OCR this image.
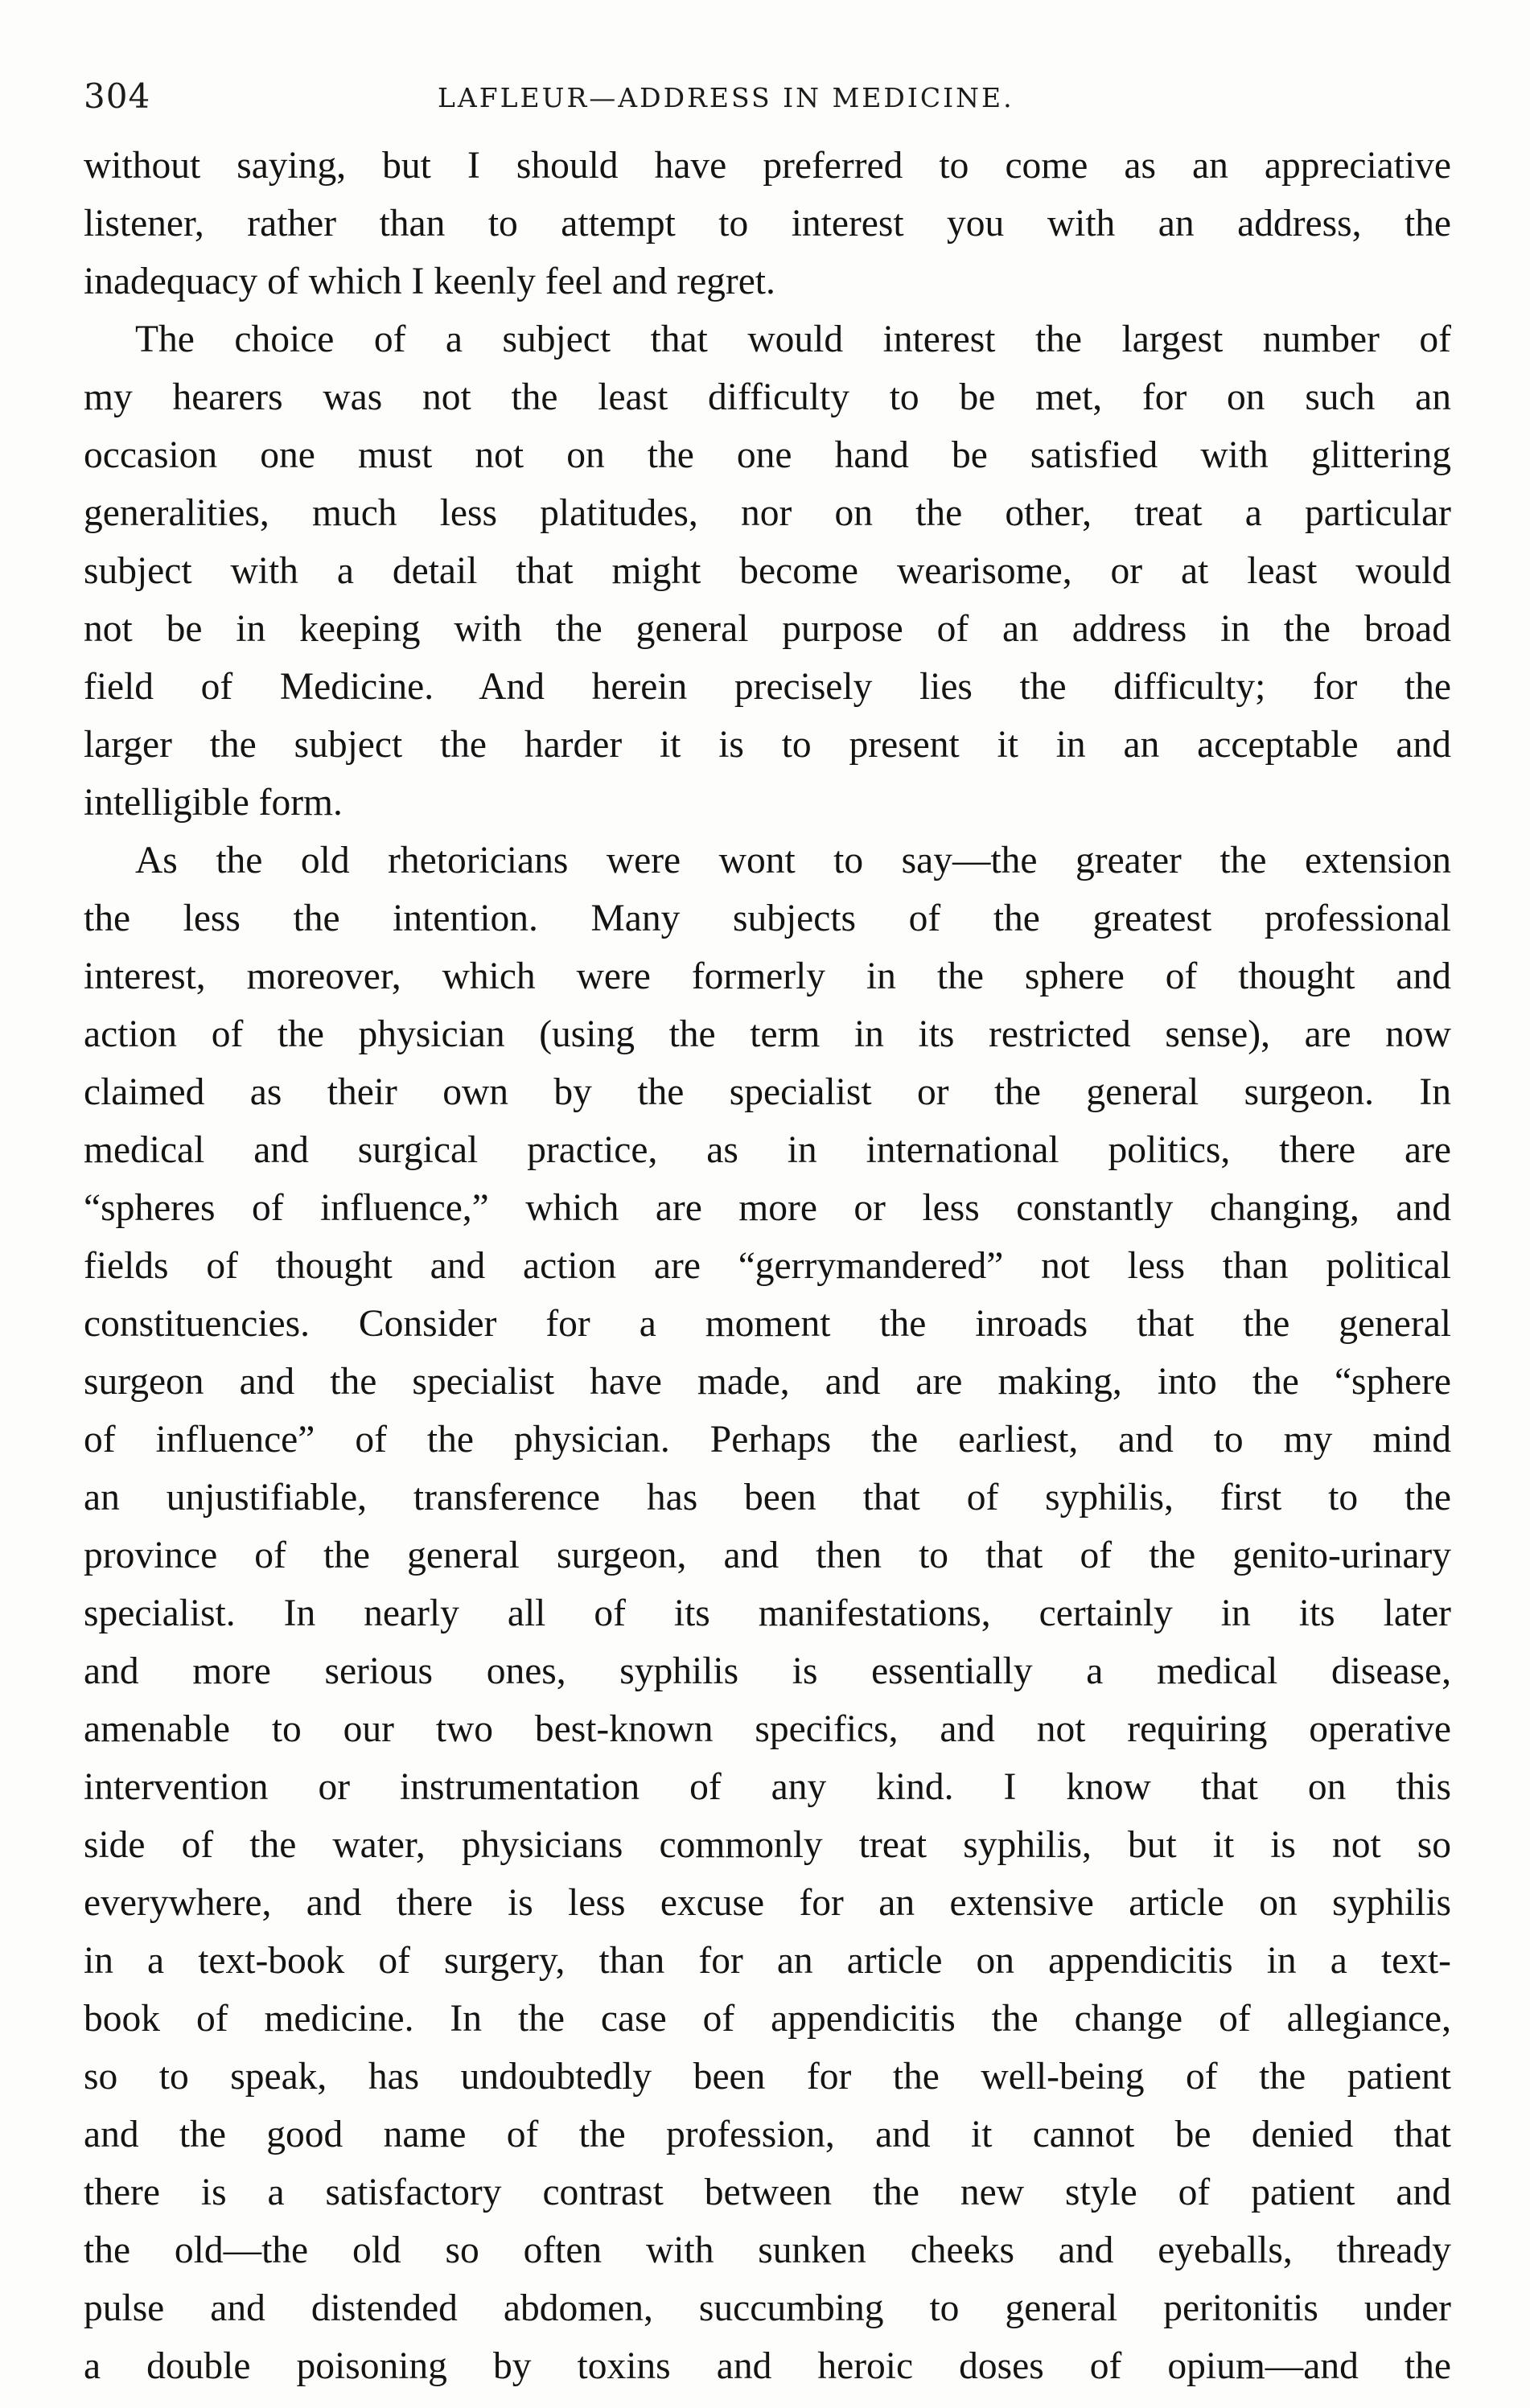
304	LAFLEUR—ADDRESS IN MEDICINE.
without saying, but I should have preferred to come as an appreciative
listener, rather than to attempt to interest you with an address, the
inadequacy of which I keenly feel and regret.
The choice of a subject that would interest the largest number of
my hearers was not the least difficulty to be met, for on such an
occasion one must not on the one hand be satisfied with glittering
generalities, much less platitudes, nor on the other, treat a particular
subject with a detail that might become wearisome, or at least would
not be in keeping with the general purpose of an address in the broad
field of Medicine. And herein precisely lies the difficulty; for the
larger the subject the harder it is to present it in an acceptable and
intelligible form.
As the old rhetoricians were wont to say—the greater the extension
the less the intention. Many subjects of the greatest professional
interest, moreover, which were formerly in the sphere of thought and
action of the physician (using the term in its restricted sense), are now
claimed as their own by the specialist or the general surgeon. In
medical and surgical practice, as in international politics, there are
“spheres of influence,” which are more or less constantly changing, and
fields of thought and action are “gerrymandered” not less than political
constituencies. Consider for a moment the inroads that the general
surgeon and the specialist have made, and are making, into the “sphere
of influence” of the physician. Perhaps the earliest, and to my mind
an unjustifiable, transference has been that of syphilis, first to the
province of the general surgeon, and then to that of the genito-urinary
specialist. In nearly all of its manifestations, certainly in its later
and more serious ones, syphilis is essentially a medical disease,
amenable to our two best-known specifics, and not requiring operative
intervention or instrumentation of any kind. I know that on this
side of the water, physicians commonly treat syphilis, but it is not so
everywhere, and there is less excuse for an extensive article on syphilis
in a text-book of surgery, than for an article on appendicitis in a text-
book of medicine. In the case of appendicitis the change of allegiance,
so to speak, has undoubtedly been for the well-being of the patient
and the good name of the profession, and it cannot be denied that
there is a satisfactory contrast between the new style of patient and
the old—the old so often with sunken cheeks and eyeballs, thready
pulse and distended abdomen, succumbing to general peritonitis under
a double poisoning by toxins and heroic doses of opium—and the
